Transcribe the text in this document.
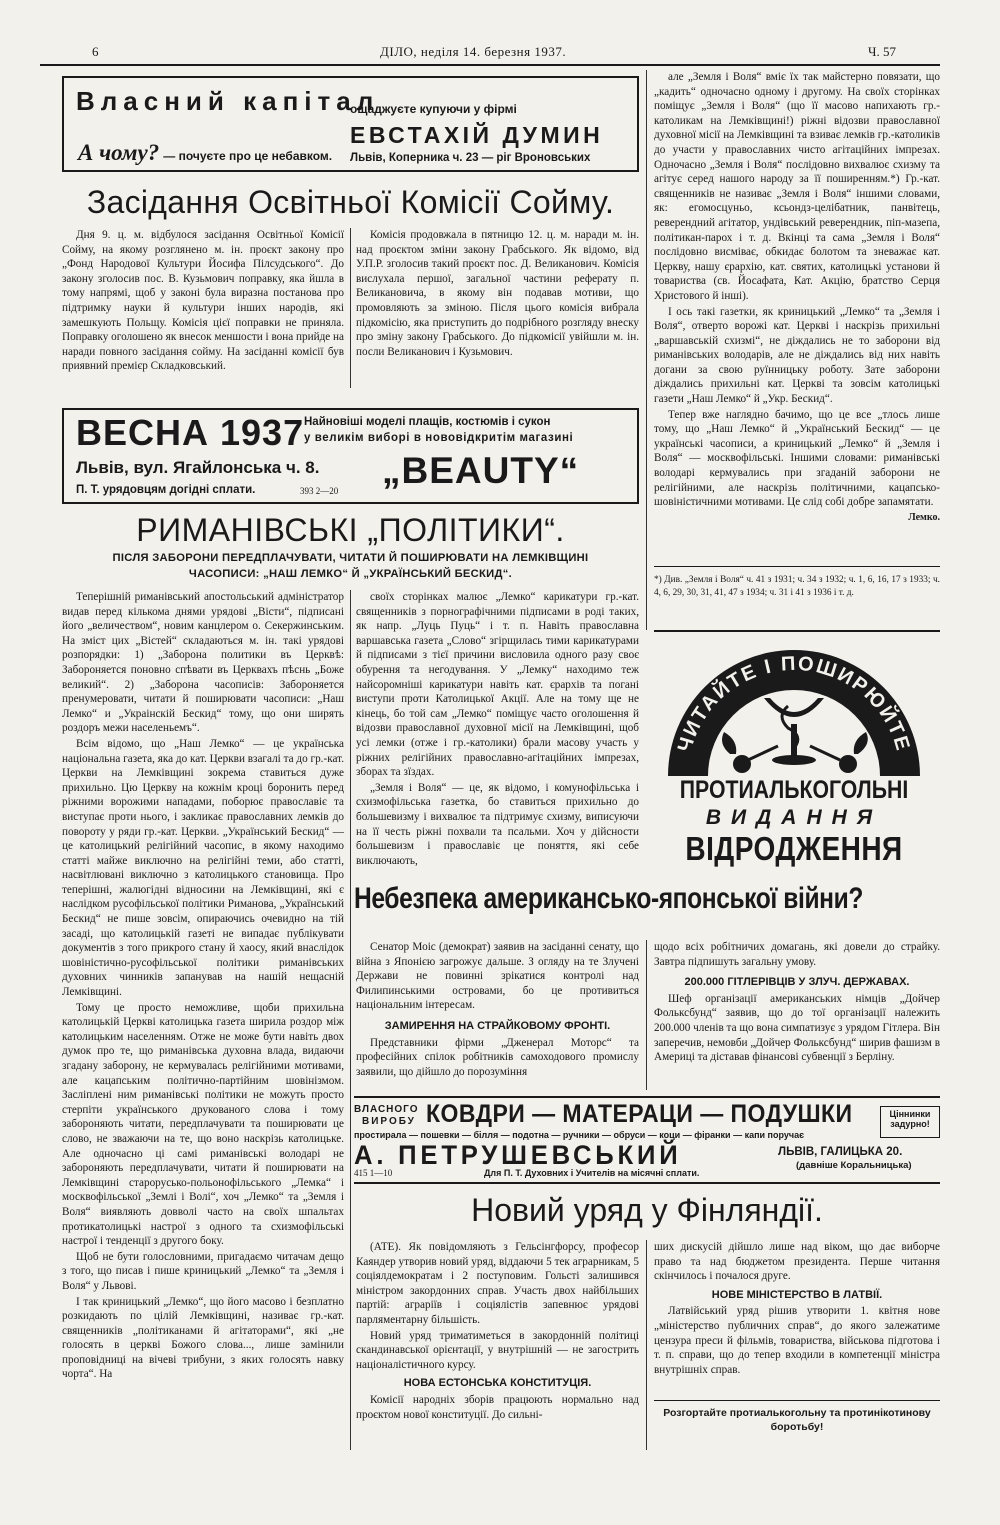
6	ДІЛО, неділя 14. березня 1937.	Ч. 57
Власний капітал
А чому? — почуєте про це небавком.
ощаджуєте купуючи у фірмі
ЕВСТАХІЙ ДУМИН
Львів, Коперника ч. 23 — ріг Вроновських
Засідання Освітньої Комісії Сойму.

Дня 9. ц. м. відбулося засідання Освітньої Комісії Сойму, на якому розглянено м. ін. проєкт закону про „Фонд Народової Культури Йосифа Пілсудського“. До закону зголосив пос. В. Кузьмович поправку, яка йшла в тому напрямі, щоб у законі була виразна постанова про підтримку науки й культури інших народів, які замешкують Польщу. Комісія цієї поправки не приняла. Поправку оголошено як внесок меншости і вона прийде на наради повного засідання сойму. На засіданні комісії був приявний премієр Складковський.

Комісія продовжала в пятницю 12. ц. м. наради м. ін. над проєктом зміни закону Грабського. Як відомо, від У.П.Р. зголосив такий проєкт пос. Д. Великанович. Комісія вислухала першої, загальної частини реферату п. Великановича, в якому він подавав мотиви, що промовляють за зміною. Після цього комісія вибрала підкомісію, яка приступить до подрібного розгляду внеску про зміну закону Грабського. До підкомісії увійшли м. ін. посли Великанович і Кузьмович.

ВЕСНА 1937 Найновіші моделі плащів, костюмів і сукон
у великім виборі в нововідкритім магазині
Львів, вул. Ягайлонська ч. 8.
П. Т. урядовцям догідні сплати.	393 2—20 „BEAUTY“
РИМАНІВСЬКІ „ПОЛІТИКИ“.
ПІСЛЯ ЗАБОРОНИ ПЕРЕДПЛАЧУВАТИ, ЧИТАТИ Й ПОШИРЮВАТИ НА ЛЕМКІВЩИНІ
ЧАСОПИСИ: „НАШ ЛЕМКО“ Й „УКРАЇНСЬКИЙ БЕСКИД“.

Теперішній риманівський апостольський адміністратор видав перед кількома днями урядові „Вісти“, підписані його „величеством“, новим канцлером о. Секержинським. На зміст цих „Вістей“ складаються м. ін. такі урядові розпорядки: 1) „Заборона политики въ Церквѣ: Забороняется поновно спѣвати въ Церквахъ пѣснь „Боже великий“. 2) „Заборона часописів: Забороняется пренумеровати, читати й поширювати часописи: „Наш Лемко“ и „Украінскій Бескид“ тому, що они ширять роздоръ межи населеньемъ“.

Всім відомо, що „Наш Лемко“ — це українська національна газета, яка до кат. Церкви взагалі та до гр.-кат. Церкви на Лемківщині зокрема ставиться дуже прихильно. Цю Церкву на кожнім кроці боронить перед ріжними ворожими нападами, поборює православіє та виступає проти нього, і закликає православних лемків до повороту у ряди гр.-кат. Церкви. „Український Бескид“ — це католицький релігійний часопис, в якому находимо статті майже виключно на релігійні теми, або статті, насвітлювані виключно з католицького становища. Про теперішні, жалюгідні відносини на Лемківщині, які є наслідком русофільської політики Риманова, „Український Бескид“ не пише зовсім, опираючись очевидно на тій засаді, що католицькій газеті не випадає публікувати документів з того прикрого стану й хаосу, який внаслідок шовіністично-русофільської політики риманівських духовних чинників запанував на нашій нещасній Лемківщині.

Тому це просто неможливе, щоби прихильна католицькій Церкві католицька газета ширила роздор між католицьким населенням. Отже не може бути навіть двох думок про те, що риманівська духовна влада, видаючи згадану заборону, не кермувалась релігійними мотивами, але кацапським політично-партійним шовінізмом. Засліплені ним риманівські політики не можуть просто стерпіти українського друкованого слова і тому забороняють читати, передплачувати та поширювати це слово, не зважаючи на те, що воно наскрізь католицьке. Але одночасно ці самі риманівські володарі не забороняють передплачувати, читати й поширювати на Лемківщині старорусько-польонофільського „Лемка“ і москвофільської „Землі і Волі“, хоч „Лемко“ та „Земля і Воля“ виявляють довволі часто на своїх шпальтах протикатолицькі настрої з одного та схизмофільські настрої і тенденції з другого боку.

Щоб не бути голословними, пригадаємо читачам дещо з того, що писав і пише криницький „Лемко“ та „Земля і Воля“ у Львові.

І так криницький „Лемко“, що його масово і безплатно розкидають по цілій Лемківщині, називає гр.-кат. священників „політиканами й агітаторами“, які „не голосять в церкві Божого слова..., лише замінили проповідниці на вічеві трибуни, з яких голосять навку чорта“. На

своїх сторінках малює „Лемко“ карикатури гр.-кат. священників з порнографічними підписами в роді таких, як напр. „Луць Пуць“ і т. п. Навіть православна варшавська газета „Слово“ згірщилась тими карикатурами й підписами з тієї причини висловила одного разу своє обурення та негодування. У „Лемку“ находимо теж найсоромніші карикатури навіть кат. єрархів та погані виступи проти Католицької Акції. Але на тому ще не кінець, бо той сам „Лемко“ поміщує часто оголошення й відозви православної духовної місії на Лемківщині, щоб усі лемки (отже і гр.-католики) брали масову участь у ріжних релігійних православно-агітаційних імпрезах, зборах та зїздах.

„Земля і Воля“ — це, як відомо, і комунофільська і схизмофільська газетка, бо ставиться прихильно до большевизму і вихвалює та підтримує схизму, виписуючи на її честь ріжні похвали та псальми. Хоч у дійсности большевизм і православіє це поняття, які себе виключають,

але „Земля і Воля“ вміє їх так майстерно повязати, що „кадить“ одночасно одному і другому. На своїх сторінках поміщує „Земля і Воля“ (що її масово напихають гр.-католикам на Лемківщині!) ріжні відозви православної духовної місії на Лемківщині та взиває лемків гр.-католиків до участи у православних чисто агітаційних імпрезах. Одночасно „Земля і Воля“ послідовно вихвалює схизму та агітує серед нашого народу за її поширенням.*) Гр.-кат. священників не називає „Земля і Воля“ іншими словами, як: егомосцуньо, ксьондз-целібатник, панвітець, реверендний агітатор, ундівський реверендник, піп-мазепа, політикан-парох і т. д. Вкінці та сама „Земля і Воля“ послідовно висміває, обкидає болотом та зневажає кат. Церкву, нашу єрархію, кат. святих, католицькі установи й товариства (св. Йосафата, Кат. Акцію, братство Серця Христового й інші).

І ось такі газетки, як криницький „Лемко“ та „Земля і Воля“, отверто ворожі кат. Церкві і наскрізь прихильні „варшавській схизмі“, не діждались не то заборони від риманівських володарів, але не діждались від них навіть догани за свою руїнницьку роботу. Зате заборони діждались прихильні кат. Церкві та зовсім католицькі газети „Наш Лемко“ й „Укр. Бескид“.

Тепер вже наглядно бачимо, що це все „тлось лише тому, що „Наш Лемко“ й „Український Бескид“ — це українські часописи, а криницький „Лемко“ й „Земля і Воля“ — москвофільські. Іншими словами: риманівські володарі кермувались при згаданій заборони не релігійними, але наскрізь політичними, кацапсько-шовіністичними мотивами. Це слід собі добре запамятати.

Лемко.

*) Див. „Земля і Воля“ ч. 41 з 1931; ч. 34 з 1932; ч. 1, 6, 16, 17 з 1933; ч. 4, 6, 29, 30, 31, 41, 47 з 1934; ч. 31 і 41 з 1936 і т. д.

ЧИТАЙТЕ І ПОШИРЮЙТЕ
ПРОТИАЛЬКОГОЛЬНІ
ВИДАННЯ
ВІДРОДЖЕННЯ
Небезпека американсько-японської війни?

Сенатор Моіс (демократ) заявив на засіданні сенату, що війна з Японією загрожує дальше. З огляду на те Злучені Держави не повинні зрікатися контролі над Филипинськими островами, бо це противиться національним інтересам.

ЗАМИРЕННЯ НА СТРАЙКОВОМУ ФРОНТІ.

Представники фірми „Дженерал Моторс“ та професійних спілок робітників самоходового промислу заявили, що дійшло до порозуміння

щодо всіх робітничих домагань, які довели до страйку. Завтра підпишуть загальну умову.

200.000 ГІТЛЕРІВЦІВ У ЗЛУЧ. ДЕРЖАВАХ.

Шеф організації американських німців „Дойчер Фольксбунд“ заявив, що до тої організації належить 200.000 членів та що вона симпатизує з урядом Гітлера. Він заперечив, немовби „Дойчер Фольксбунд“ ширив фашизм в Америці та діставав фінансові субвенції з Берліну.

ВЛАСНОГО
ВИРОБУ КОВДРИ — МАТЕРАЦИ — ПОДУШКИ
простирала — пошевки — білля — подотна — ручники — обруси — коци — фіранки — капи поручає
Ціннинки
задурно!
А. ПЕТРУШЕВСЬКИЙ	ЛЬВІВ, ГАЛИЦЬКА 20.
(давніше Коральницька)
415 1—10	Для П. Т. Духовних і Учителів на місячні сплати.
Новий уряд у Фінляндії.

(АТЕ). Як повідомляють з Гельсінгфорсу, професор Каяндер утворив новий уряд, віддаючи 5 тек аграрникам, 5 соціялдемократам і 2 поступовим. Гольсті залишився міністром закордонних справ. Участь двох найбільших партій: аграріїв і соціялістів запевнює урядові парляментарну більшість.

Новий уряд триматиметься в закордонній політиці скандинавської орієнтації, у внутрішній — не загострить націоналістичного курсу.

НОВА ЕСТОНСЬКА КОНСТИТУЦІЯ.

Комісії народніх зборів працюють нормально над проєктом нової конституції. До сильні-

ших дискусій дійшло лише над віком, що дає виборче право та над бюджетом президента. Перше читання скінчилось і почалося друге.

НОВЕ МІНІСТЕРСТВО В ЛАТВІЇ.

Латвійський уряд рішив утворити 1. квітня нове „міністерство публичних справ“, до якого залежатиме цензура преси й фільмів, товариства, військова підготова і т. п. справи, що до тепер входили в компетенції міністра внутрішніх справ.

Розгортайте протиалькогольну та протинікотинову боротьбу!
